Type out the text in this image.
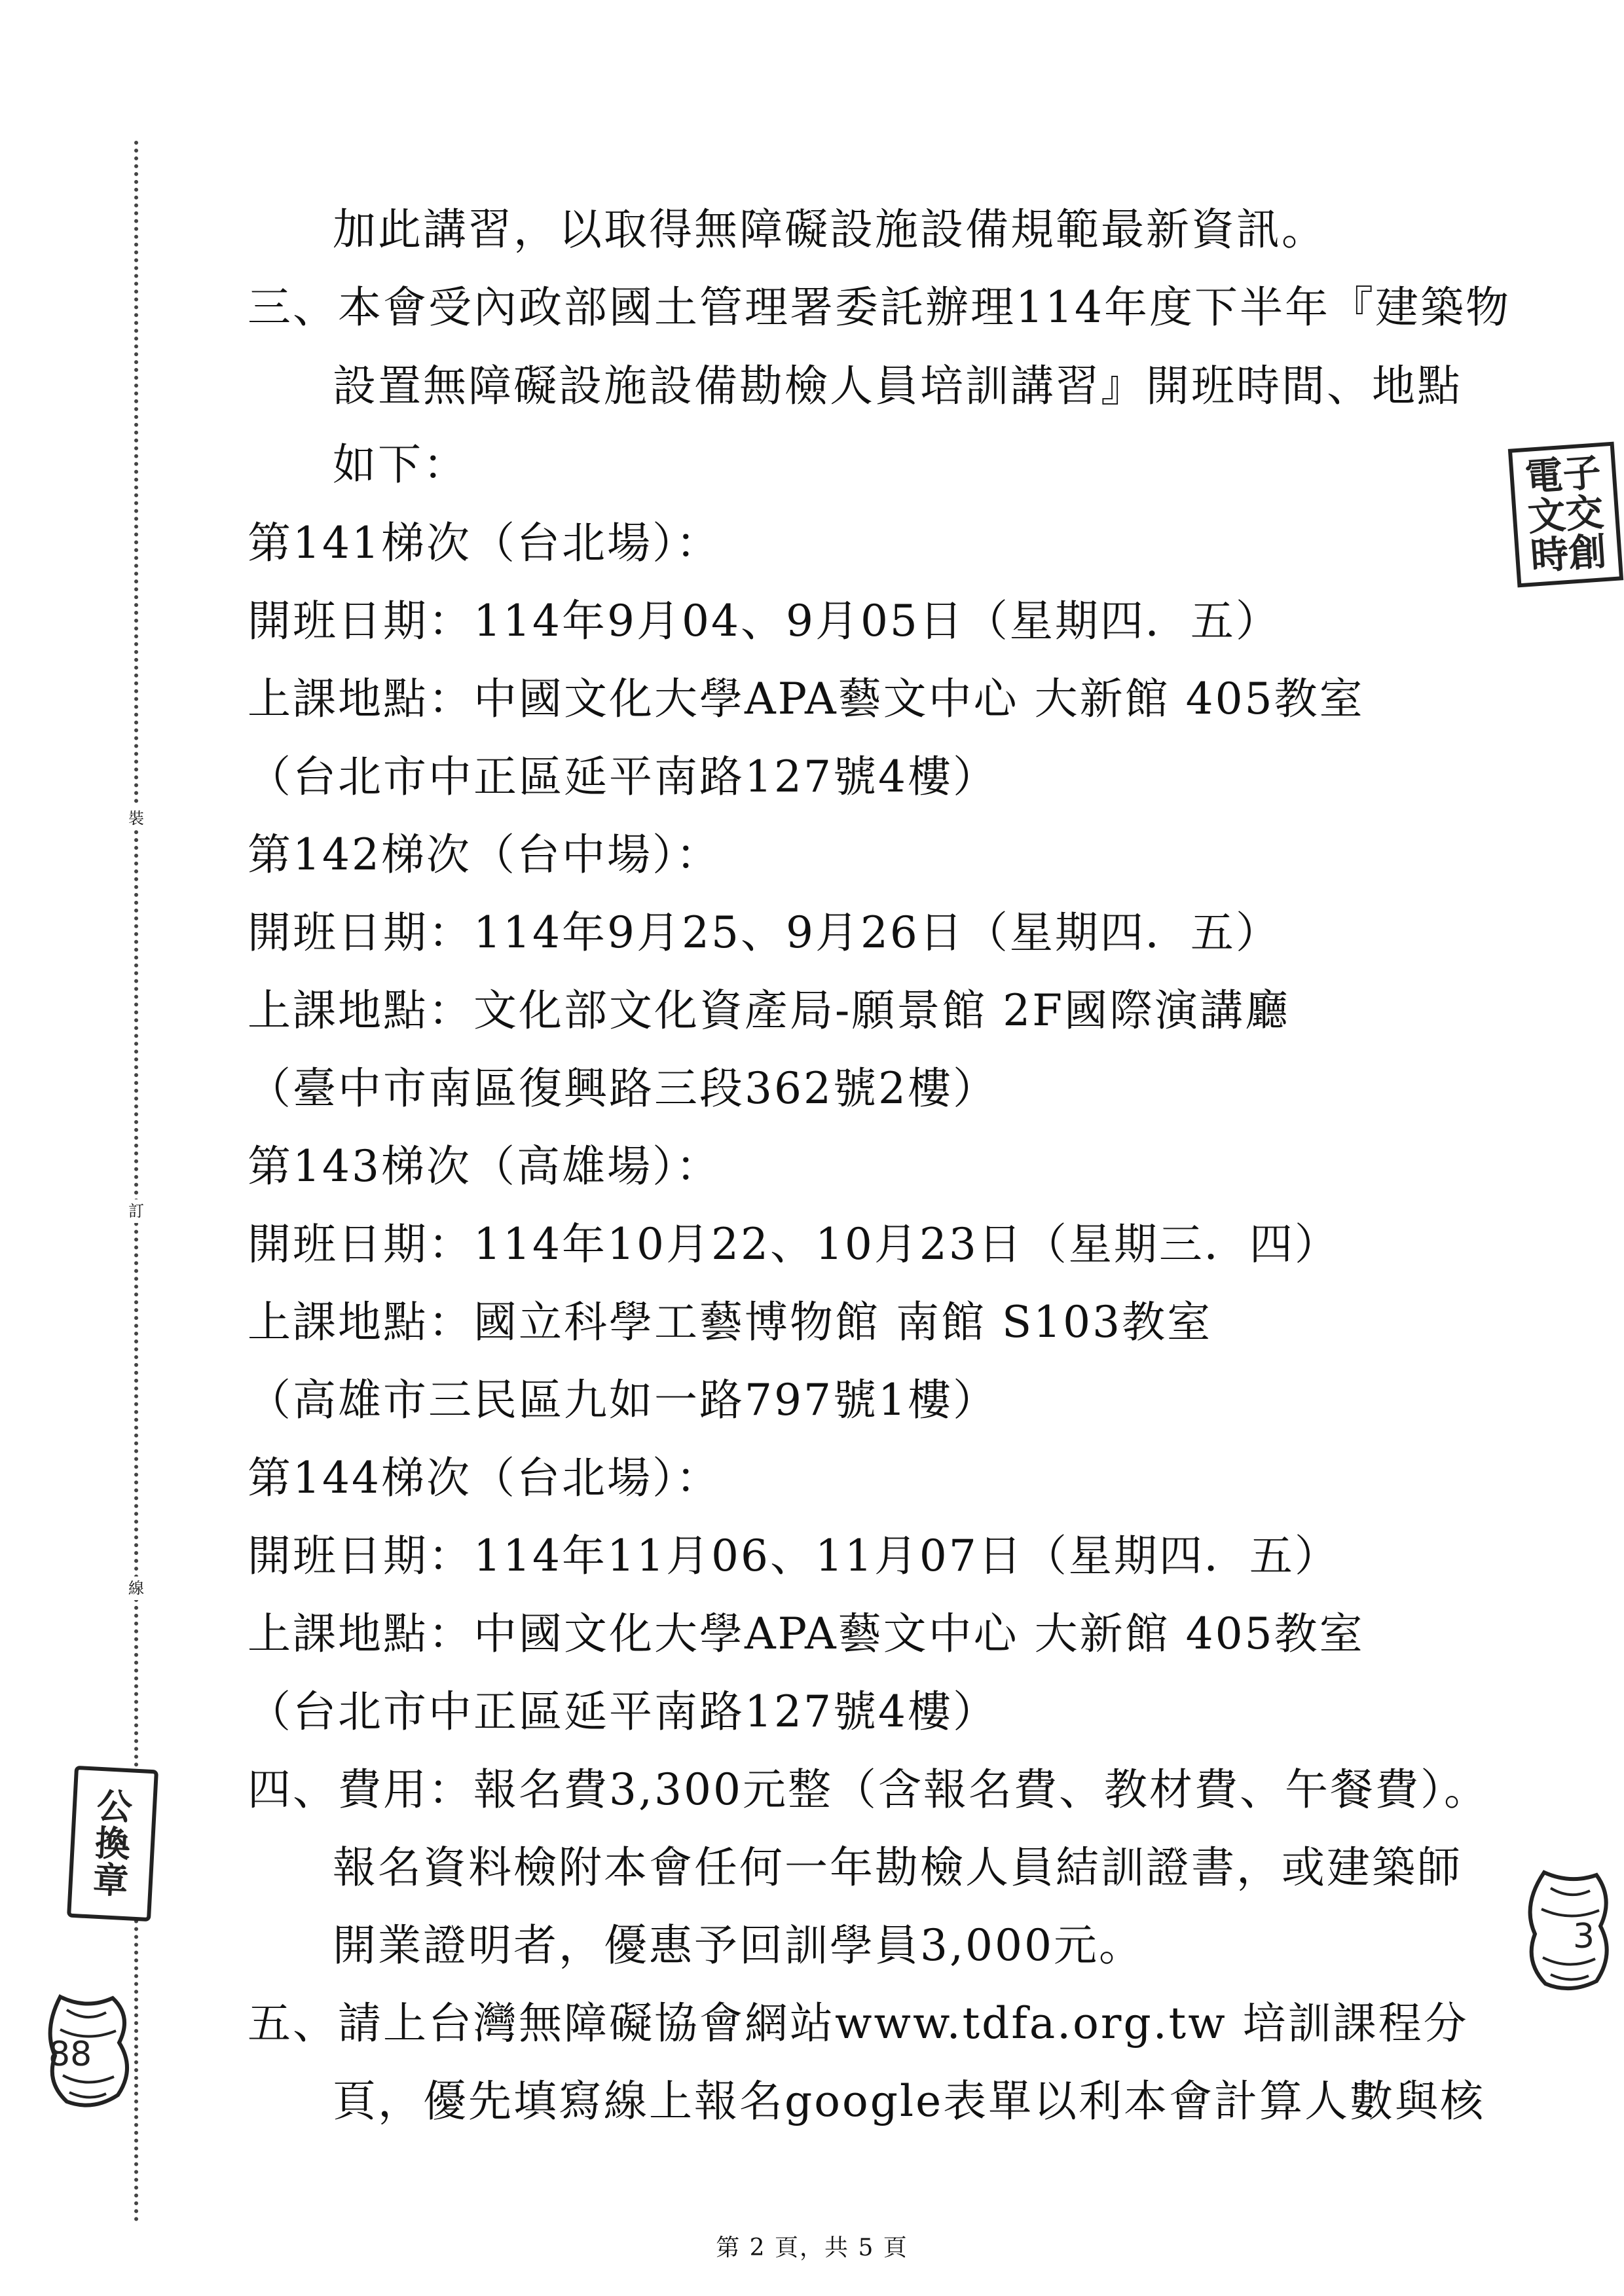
裝
訂
線
加此講習，以取得無障礙設施設備規範最新資訊。
三、本會受內政部國土管理署委託辦理114年度下半年『建築物
設置無障礙設施設備勘檢人員培訓講習』開班時間、地點
如下：
第141梯次（台北場）：
開班日期：114年9月04、9月05日（星期四．五）
上課地點：中國文化大學APA藝文中心 大新館 405教室
（台北市中正區延平南路127號4樓）
第142梯次（台中場）：
開班日期：114年9月25、9月26日（星期四．五）
上課地點：文化部文化資產局-願景館 2F國際演講廳
（臺中市南區復興路三段362號2樓）
第143梯次（高雄場）：
開班日期：114年10月22、10月23日（星期三．四）
上課地點：國立科學工藝博物館 南館 S103教室
（高雄市三民區九如一路797號1樓）
第144梯次（台北場）：
開班日期：114年11月06、11月07日（星期四．五）
上課地點：中國文化大學APA藝文中心 大新館 405教室
（台北市中正區延平南路127號4樓）
四、費用：報名費3,300元整（含報名費、教材費、午餐費）。
報名資料檢附本會任何一年勘檢人員結訓證書，或建築師
開業證明者，優惠予回訓學員3,000元。
五、請上台灣無障礙協會網站www.tdfa.org.tw 培訓課程分
頁，優先填寫線上報名google表單以利本會計算人數與核
第 2 頁，共 5 頁
電子
文交
時創
公
換
章
88
3
